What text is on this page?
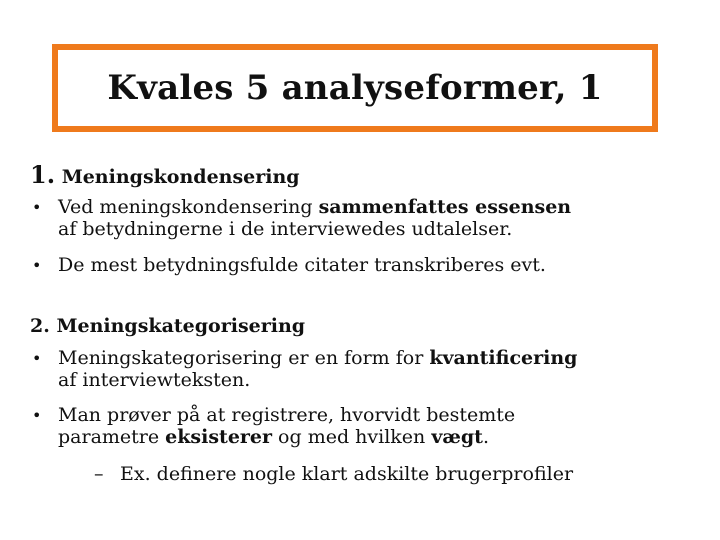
Kvales 5 analyseformer, 1
1. Meningskondensering
• Ved meningskondensering sammenfattes essensen
af betydningerne i de interviewedes udtalelser.
• De mest betydningsfulde citater transkriberes evt.
2. Meningskategorisering
• Meningskategorisering er en form for kvantificering
af interviewteksten.
• Man prøver på at registrere, hvorvidt bestemte
parametre eksisterer og med hvilken vægt.
– Ex. definere nogle klart adskilte brugerprofiler
